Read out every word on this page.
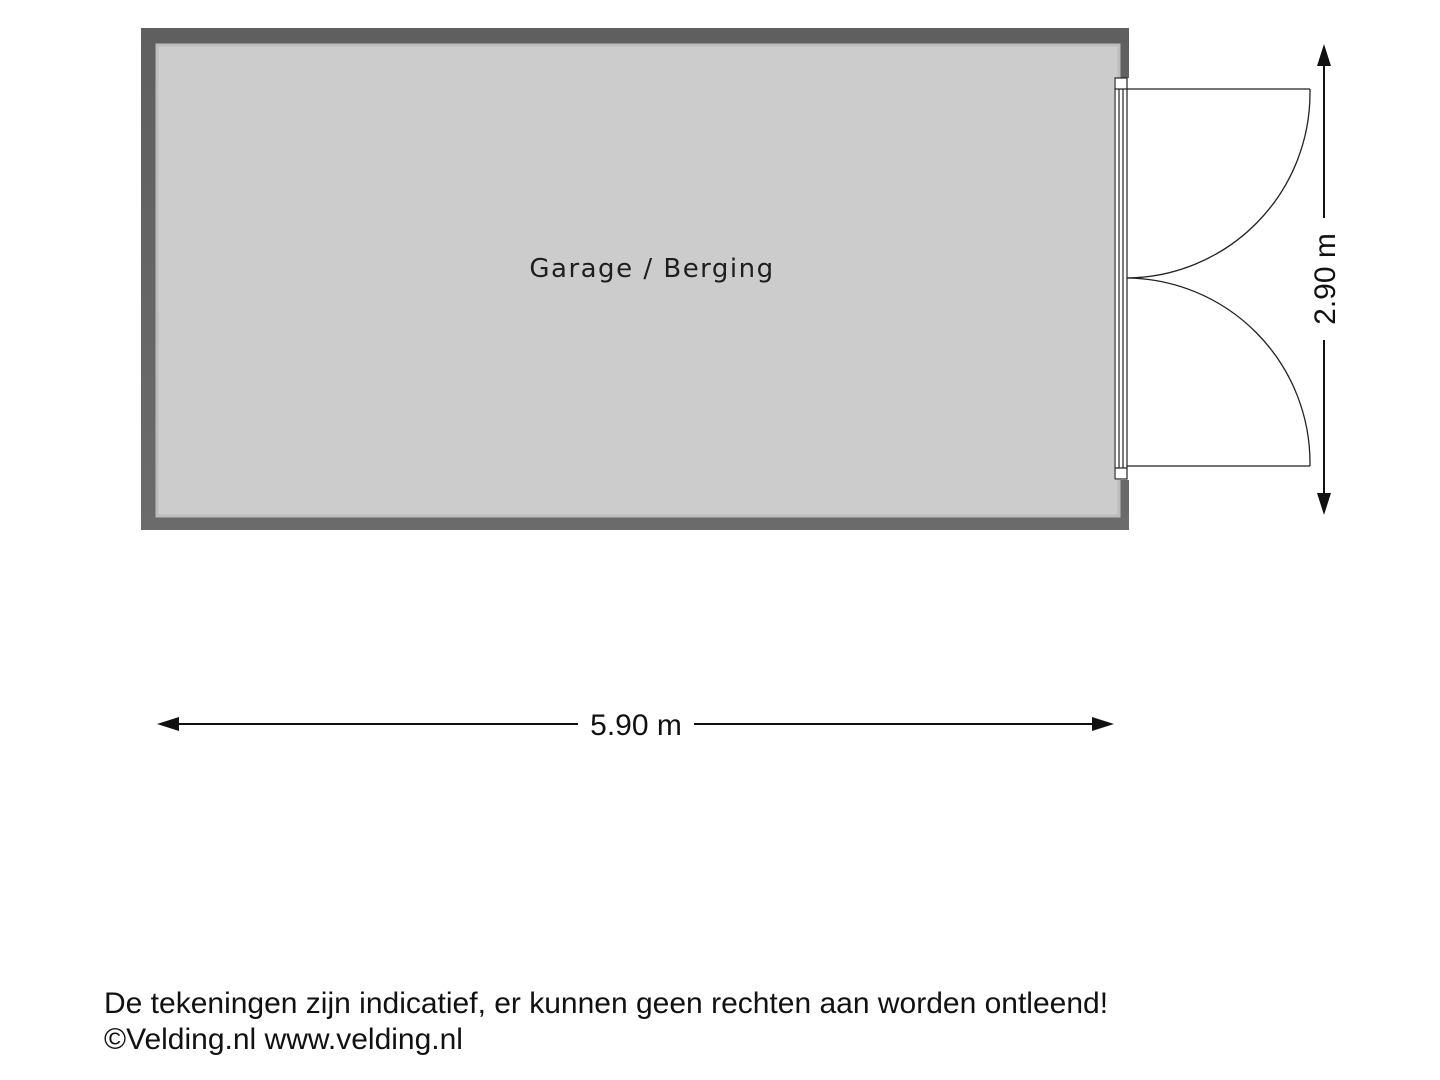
Garage / Berging	2.90 m
5.90 m
De tekeningen zijn indicatief, er kunnen geen rechten aan worden ontleend!
©Velding.nl www.velding.nl
